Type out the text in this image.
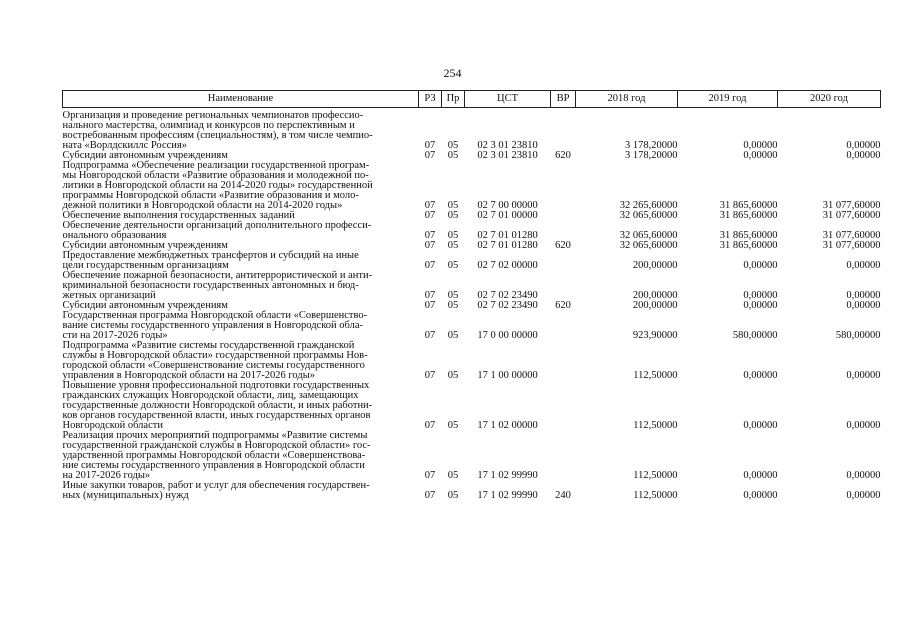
254
Наименование	РЗ	Пр	ЦСТ	ВР	2018 год	2019 год	2020 год
Организация и проведение региональных чемпионатов профессио-
нального мастерства, олимпиад и конкурсов по перспективным и
востребованным профессиям (специальностям), в том числе чемпио-
ната «Ворлдскиллс Россия»	07	05	02 3 01 23810		3 178,20000	0,00000	0,00000
Субсидии автономным учреждениям	07	05	02 3 01 23810	620	3 178,20000	0,00000	0,00000
Подпрограмма «Обеспечение реализации государственной програм-
мы Новгородской области «Развитие образования и молодежной по-
литики в Новгородской области на 2014-2020 годы» государственной
программы Новгородской области «Развитие образования и моло-
дежной политики в Новгородской области на 2014-2020 годы»	07	05	02 7 00 00000		32 265,60000	31 865,60000	31 077,60000
Обеспечение выполнения государственных заданий	07	05	02 7 01 00000		32 065,60000	31 865,60000	31 077,60000
Обеспечение деятельности организаций дополнительного професси-
онального образования	07	05	02 7 01 01280		32 065,60000	31 865,60000	31 077,60000
Субсидии автономным учреждениям	07	05	02 7 01 01280	620	32 065,60000	31 865,60000	31 077,60000
Предоставление межбюджетных трансфертов и субсидий на иные
цели государственным организациям	07	05	02 7 02 00000		200,00000	0,00000	0,00000
Обеспечение пожарной безопасности, антитеррористической и анти-
криминальной безопасности государственных автономных и бюд-
жетных организаций	07	05	02 7 02 23490		200,00000	0,00000	0,00000
Субсидии автономным учреждениям	07	05	02 7 02 23490	620	200,00000	0,00000	0,00000
Государственная программа Новгородской области «Совершенство-
вание системы государственного управления в Новгородской обла-
сти на 2017-2026 годы»	07	05	17 0 00 00000		923,90000	580,00000	580,00000
Подпрограмма «Развитие системы государственной гражданской
службы в Новгородской области» государственной программы Нов-
городской области «Совершенствование системы государственного
управления в Новгородской области на 2017-2026 годы»	07	05	17 1 00 00000		112,50000	0,00000	0,00000
Повышение уровня профессиональной подготовки государственных
гражданских служащих Новгородской области, лиц, замещающих
государственные должности Новгородской области, и иных работни-
ков органов государственной власти, иных государственных органов
Новгородской области	07	05	17 1 02 00000		112,50000	0,00000	0,00000
Реализация прочих мероприятий подпрограммы «Развитие системы
государственной гражданской службы в Новгородской области» гос-
ударственной программы Новгородской области «Совершенствова-
ние системы государственного управления в Новгородской области
на 2017-2026 годы»	07	05	17 1 02 99990		112,50000	0,00000	0,00000
Иные закупки товаров, работ и услуг для обеспечения государствен-
ных (муниципальных) нужд	07	05	17 1 02 99990	240	112,50000	0,00000	0,00000
